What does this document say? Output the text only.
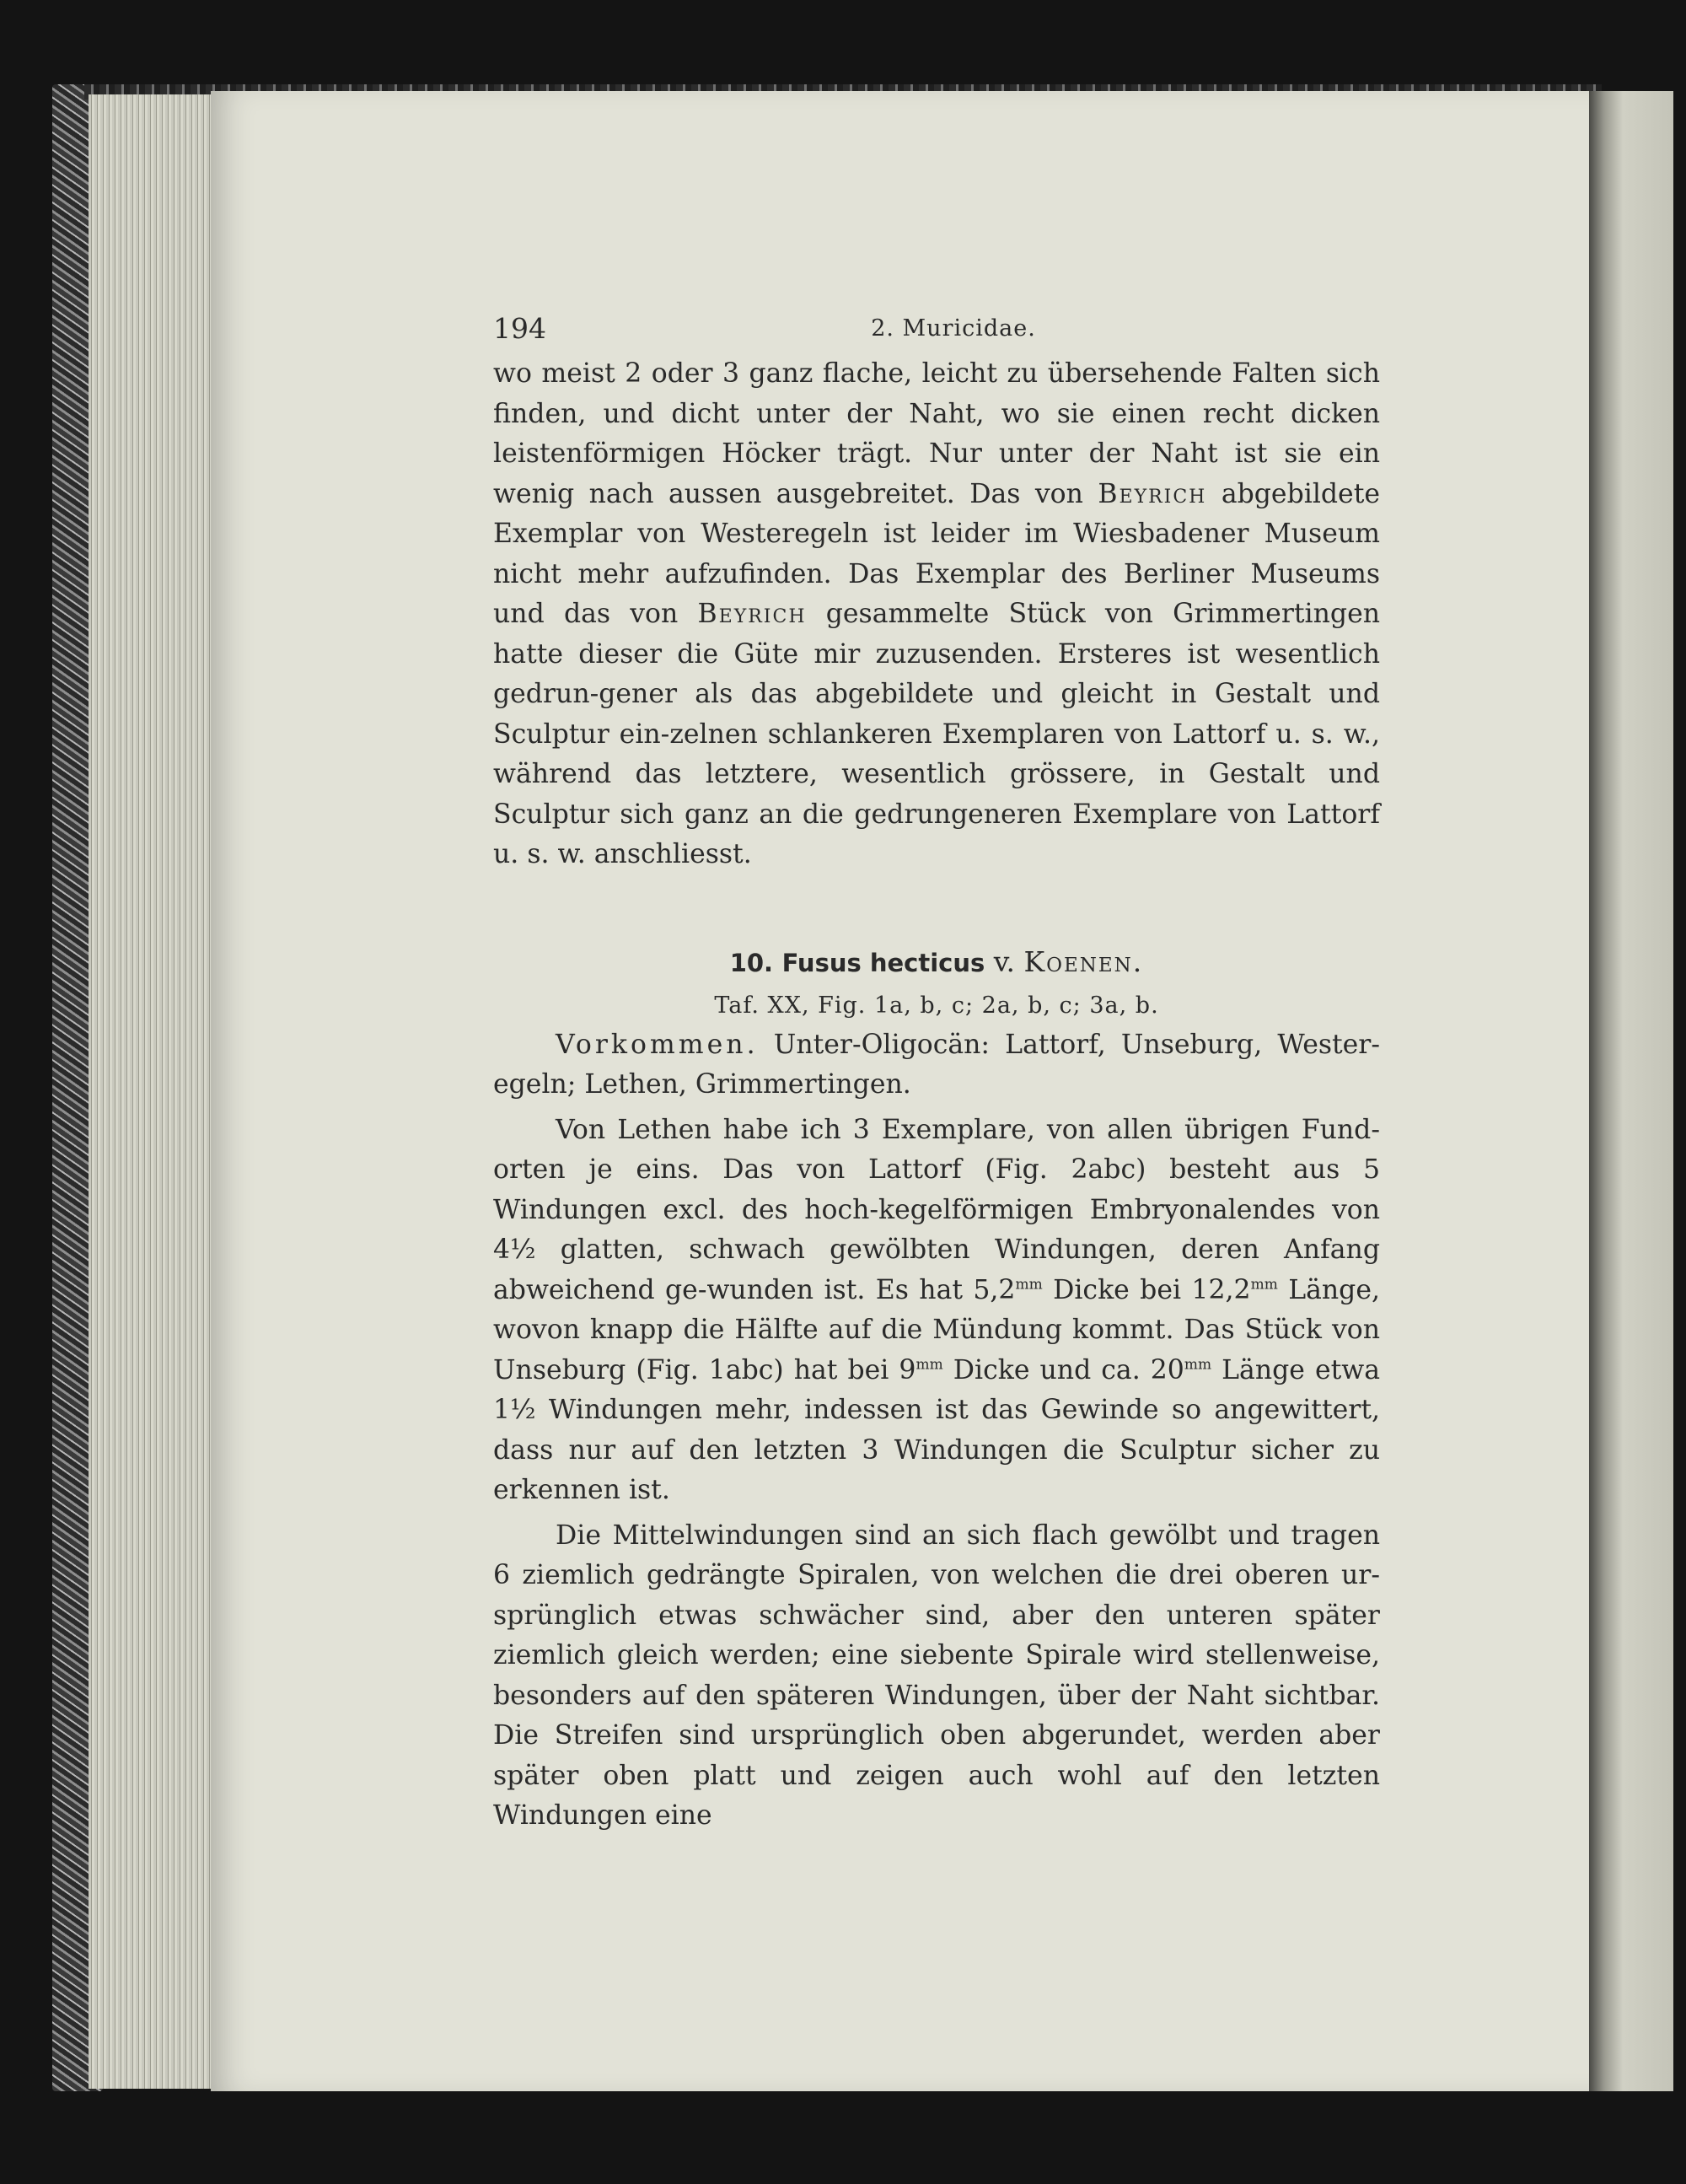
194	2. Muricidae.

wo meist 2 oder 3 ganz flache, leicht zu übersehende Falten sich finden, und dicht unter der Naht, wo sie einen recht dicken leistenförmigen Höcker trägt. Nur unter der Naht ist sie ein wenig nach aussen ausgebreitet. Das von Beyrich abgebildete Exemplar von Westeregeln ist leider im Wiesbadener Museum nicht mehr aufzufinden. Das Exemplar des Berliner Museums und das von Beyrich gesammelte Stück von Grimmertingen hatte dieser die Güte mir zuzusenden. Ersteres ist wesentlich gedrun-gener als das abgebildete und gleicht in Gestalt und Sculptur ein-zelnen schlankeren Exemplaren von Lattorf u. s. w., während das letztere, wesentlich grössere, in Gestalt und Sculptur sich ganz an die gedrungeneren Exemplare von Lattorf u. s. w. anschliesst.

10. Fusus hecticus v. Koenen.
Taf. XX, Fig. 1a, b, c; 2a, b, c; 3a, b.

Vorkommen. Unter-Oligocän: Lattorf, Unseburg, Wester-egeln; Lethen, Grimmertingen.

Von Lethen habe ich 3 Exemplare, von allen übrigen Fund-orten je eins. Das von Lattorf (Fig. 2abc) besteht aus 5 Windungen excl. des hoch-kegelförmigen Embryonalendes von 4½ glatten, schwach gewölbten Windungen, deren Anfang abweichend ge-wunden ist. Es hat $5,2^{mm}$ Dicke bei $12,2^{mm}$ Länge, wovon knapp die Hälfte auf die Mündung kommt. Das Stück von Unseburg (Fig. 1abc) hat bei $9^{mm}$ Dicke und ca. $20^{mm}$ Länge etwa 1½ Windungen mehr, indessen ist das Gewinde so angewittert, dass nur auf den letzten 3 Windungen die Sculptur sicher zu erkennen ist.

Die Mittelwindungen sind an sich flach gewölbt und tragen 6 ziemlich gedrängte Spiralen, von welchen die drei oberen ur-sprünglich etwas schwächer sind, aber den unteren später ziemlich gleich werden; eine siebente Spirale wird stellenweise, besonders auf den späteren Windungen, über der Naht sichtbar. Die Streifen sind ursprünglich oben abgerundet, werden aber später oben platt und zeigen auch wohl auf den letzten Windungen eine
